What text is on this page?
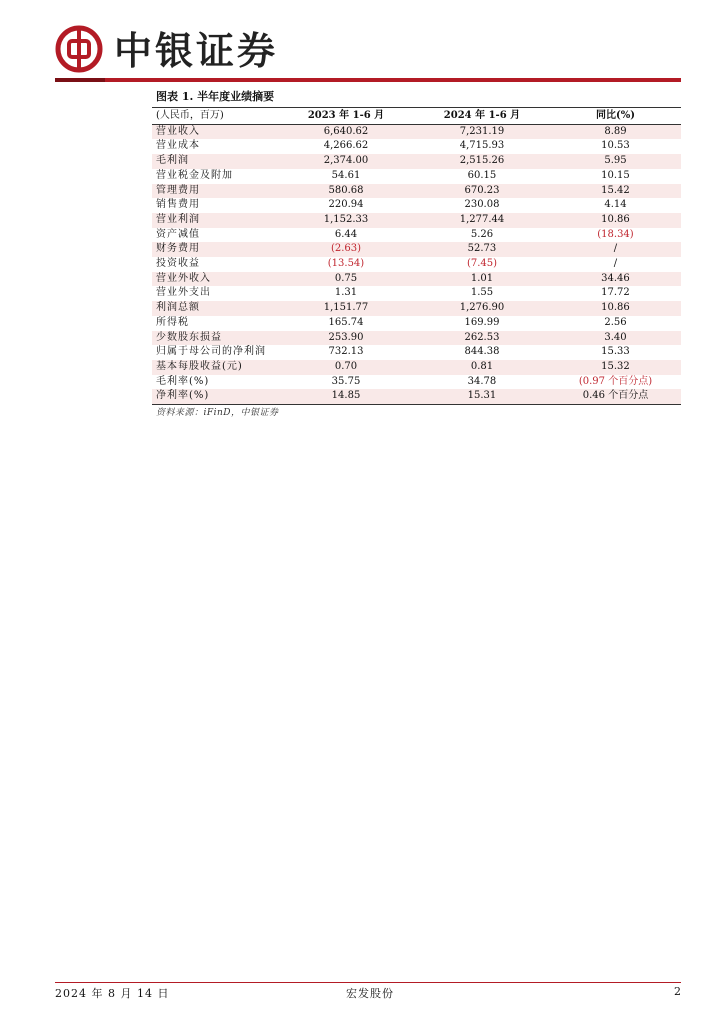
中银证券
图表 1. 半年度业绩摘要
(人民币，百万)	2023 年 1-6 月	2024 年 1-6 月	同比(%)
营业收入	6,640.62	7,231.19	8.89
营业成本	4,266.62	4,715.93	10.53
毛利润	2,374.00	2,515.26	5.95
营业税金及附加	54.61	60.15	10.15
管理费用	580.68	670.23	15.42
销售费用	220.94	230.08	4.14
营业利润	1,152.33	1,277.44	10.86
资产减值	6.44	5.26	(18.34)
财务费用	(2.63)	52.73	/
投资收益	(13.54)	(7.45)	/
营业外收入	0.75	1.01	34.46
营业外支出	1.31	1.55	17.72
利润总额	1,151.77	1,276.90	10.86
所得税	165.74	169.99	2.56
少数股东损益	253.90	262.53	3.40
归属于母公司的净利润	732.13	844.38	15.33
基本每股收益(元)	0.70	0.81	15.32
毛利率(%)	35.75	34.78	(0.97 个百分点)
净利率(%)	14.85	15.31	0.46 个百分点
资料来源：iFinD，中银证券
2024 年 8 月 14 日	宏发股份	2
